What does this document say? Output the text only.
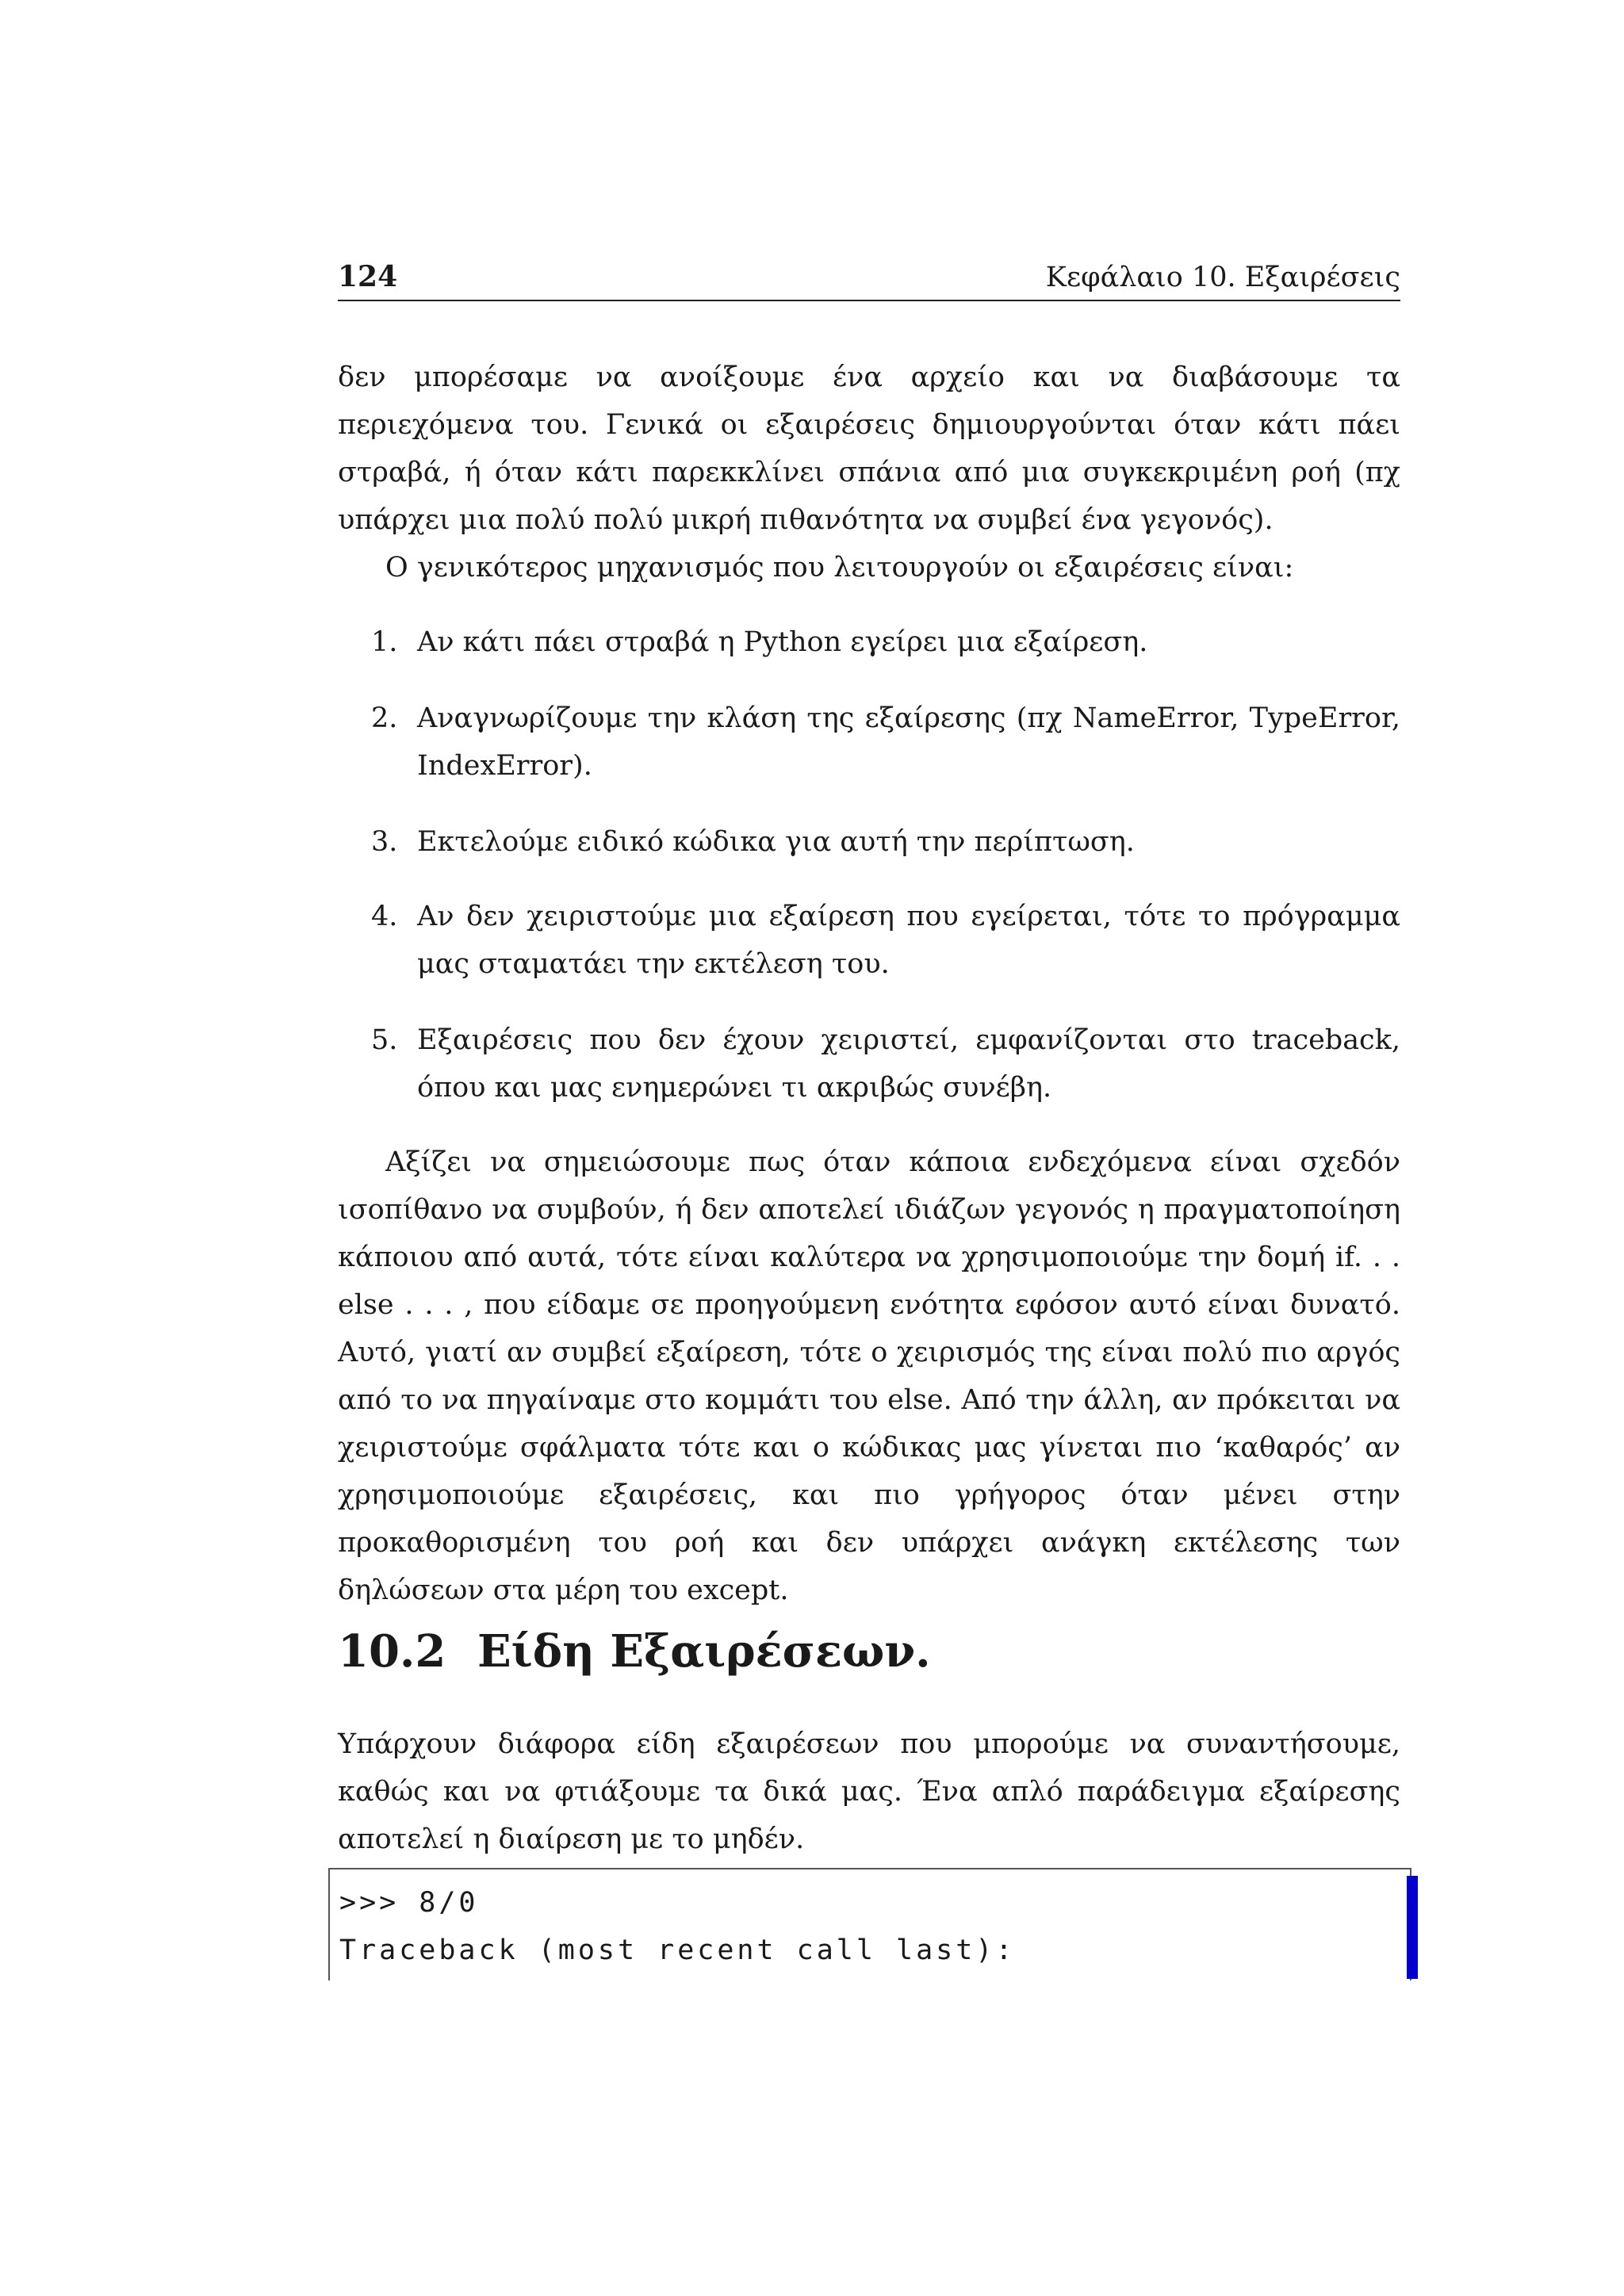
124	Κεφάλαιο 10. Εξαιρέσεις

δεν μπορέσαμε να ανοίξουμε ένα αρχείο και να διαβάσουμε τα περιεχόμενα του. Γενικά οι εξαιρέσεις δημιουργούνται όταν κάτι πάει στραβά, ή όταν κάτι παρεκκλίνει σπάνια από μια συγκεκριμένη ροή (πχ υπάρχει μια πολύ πολύ μικρή πιθανότητα να συμβεί ένα γεγονός).

Ο γενικότερος μηχανισμός που λειτουργούν οι εξαιρέσεις είναι:

1. Αν κάτι πάει στραβά η Python εγείρει μια εξαίρεση.

2. Αναγνωρίζουμε την κλάση της εξαίρεσης (πχ NameError, TypeError, IndexError).

3. Εκτελούμε ειδικό κώδικα για αυτή την περίπτωση.

4. Αν δεν χειριστούμε μια εξαίρεση που εγείρεται, τότε το πρόγραμμα μας σταματάει την εκτέλεση του.

5. Εξαιρέσεις που δεν έχουν χειριστεί, εμφανίζονται στο traceback, όπου και μας ενημερώνει τι ακριβώς συνέβη.

Αξίζει να σημειώσουμε πως όταν κάποια ενδεχόμενα είναι σχεδόν ισοπίθανο να συμβούν, ή δεν αποτελεί ιδιάζων γεγονός η πραγματοποίηση κάποιου από αυτά, τότε είναι καλύτερα να χρησιμοποιούμε την δομή if. . . else . . . , που είδαμε σε προηγούμενη ενότητα εφόσον αυτό είναι δυνατό. Αυτό, γιατί αν συμβεί εξαίρεση, τότε ο χειρισμός της είναι πολύ πιο αργός από το να πηγαίναμε στο κομμάτι του else. Από την άλλη, αν πρόκειται να χειριστούμε σφάλματα τότε και ο κώδικας μας γίνεται πιο ‘καθαρός’ αν χρησιμοποιούμε εξαιρέσεις, και πιο γρήγορος όταν μένει στην προκαθορισμένη του ροή και δεν υπάρχει ανάγκη εκτέλεσης των δηλώσεων στα μέρη του except.

10.2 Είδη Εξαιρέσεων.

Υπάρχουν διάφορα είδη εξαιρέσεων που μπορούμε να συναντήσουμε, καθώς και να φτιάξουμε τα δικά μας. Ένα απλό παράδειγμα εξαίρεσης αποτελεί η διαίρεση με το μηδέν.

>>> 8/0
Traceback (most recent call last):
